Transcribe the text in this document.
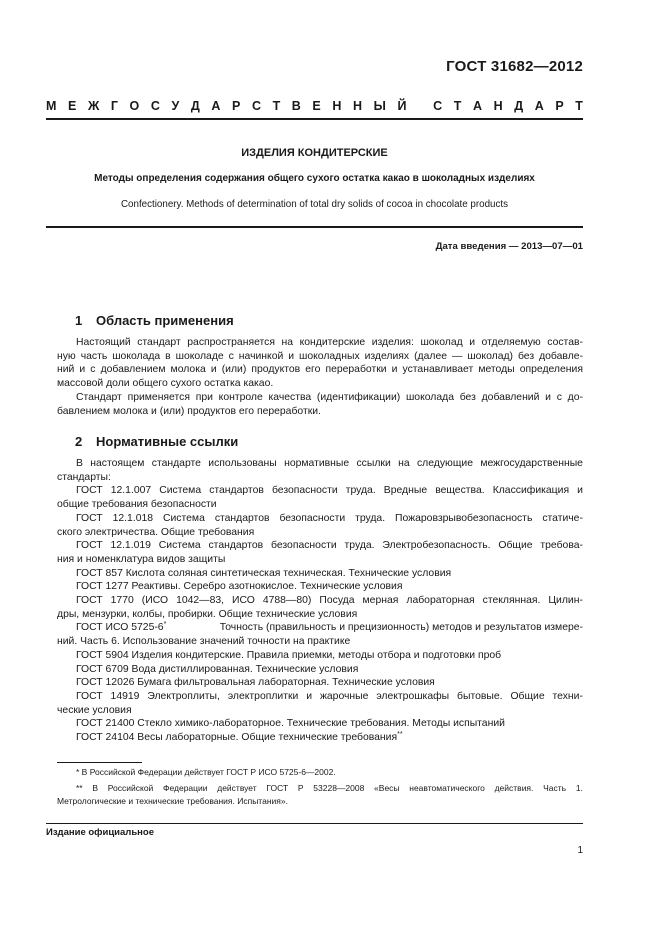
ГОСТ 31682—2012
М Е Ж Г О С У Д А Р С Т В Е Н Н Ы Й
С Т А Н Д А Р Т
ИЗДЕЛИЯ КОНДИТЕРСКИЕ
Методы определения содержания общего сухого остатка какао в шоколадных изделиях
Confectionery. Methods of determination of total dry solids of cocoa in chocolate products
Дата введения — 2013—07—01
1 Область применения
Настоящий стандарт распространяется на кондитерские изделия: шоколад и отделяемую состав-
ную часть шоколада в шоколаде с начинкой и шоколадных изделиях (далее — шоколад) без добавле-
ний и с добавлением молока и (или) продуктов его переработки и устанавливает методы определения
массовой доли общего сухого остатка какао.
Стандарт применяется при контроле качества (идентификации) шоколада без добавлений и с до-
бавлением молока и (или) продуктов его переработки.
2 Нормативные ссылки
В настоящем стандарте использованы нормативные ссылки на следующие межгосударственные
стандарты:
ГОСТ 12.1.007 Система стандартов безопасности труда. Вредные вещества. Классификация и
общие требования безопасности
ГОСТ 12.1.018 Система стандартов безопасности труда. Пожаровзрывобезопасность статиче-
ского электричества. Общие требования
ГОСТ 12.1.019 Система стандартов безопасности труда. Электробезопасность. Общие требова-
ния и номенклатура видов защиты
ГОСТ 857 Кислота соляная синтетическая техническая. Технические условия
ГОСТ 1277 Реактивы. Серебро азотнокислое. Технические условия
ГОСТ 1770 (ИСО 1042—83, ИСО 4788—80) Посуда мерная лабораторная стеклянная. Цилин-
дры, мензурки, колбы, пробирки. Общие технические условия
ГОСТ ИСО 5725-6*	Точность (правильность и прецизионность) методов и результатов измере-
ний. Часть 6. Использование значений точности на практике
ГОСТ 5904 Изделия кондитерские. Правила приемки, методы отбора и подготовки проб
ГОСТ 6709 Вода дистиллированная. Технические условия
ГОСТ 12026 Бумага фильтровальная лабораторная. Технические условия
ГОСТ 14919 Электроплиты, электроплитки и жарочные электрошкафы бытовые. Общие техни-
ческие условия
ГОСТ 21400 Стекло химико-лабораторное. Технические требования. Методы испытаний
ГОСТ 24104 Весы лабораторные. Общие технические требования**
* В Российской Федерации действует ГОСТ Р ИСО 5725-6—2002.
** В Российской Федерации действует ГОСТ Р 53228—2008 «Весы неавтоматического действия. Часть 1.
Метрологические и технические требования. Испытания».
Издание официальное
1
